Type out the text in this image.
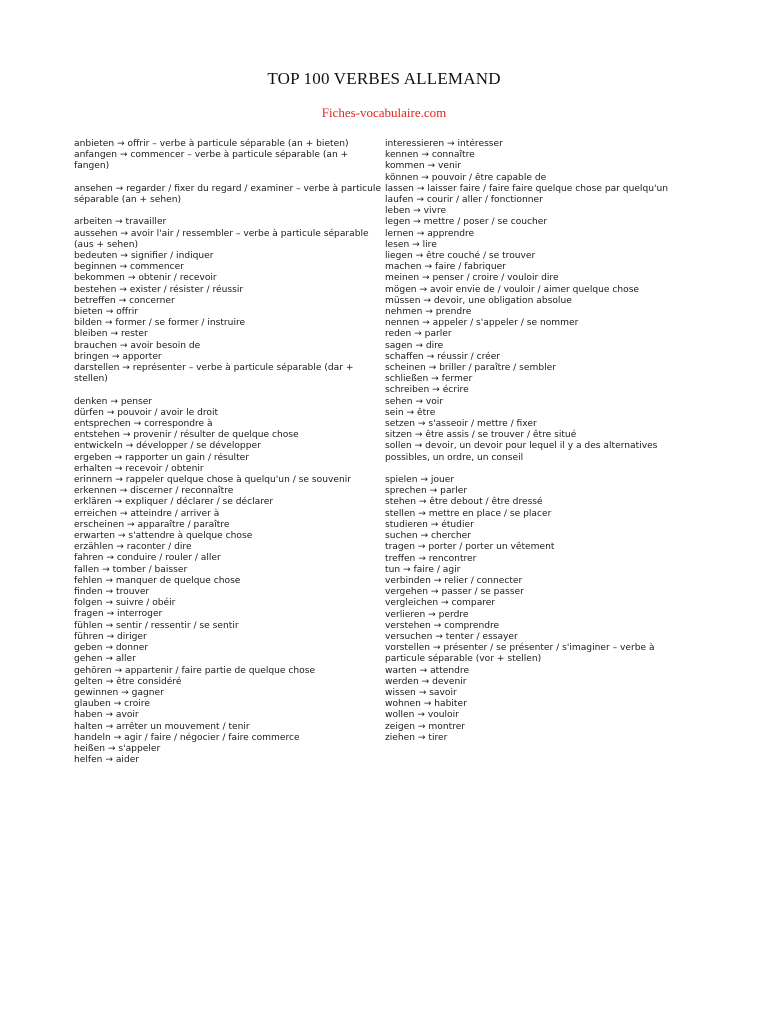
TOP 100 VERBES ALLEMAND
Fiches-vocabulaire.com
anbieten → offrir – verbe à particule séparable (an + bieten)
anfangen → commencer – verbe à particule séparable (an + fangen)
ansehen → regarder / fixer du regard / examiner – verbe à particule séparable (an + sehen)
arbeiten → travailler
aussehen → avoir l'air / ressembler – verbe à particule séparable (aus + sehen)
bedeuten → signifier / indiquer
beginnen → commencer
bekommen → obtenir / recevoir
bestehen → exister / résister / réussir
betreffen → concerner
bieten → offrir
bilden → former / se former / instruire
bleiben → rester
brauchen → avoir besoin de
bringen → apporter
darstellen → représenter – verbe à particule séparable (dar + stellen)
denken → penser
dürfen → pouvoir / avoir le droit
entsprechen → correspondre à
entstehen → provenir / résulter de quelque chose
entwickeln → développer / se développer
ergeben → rapporter un gain / résulter
erhalten → recevoir / obtenir
erinnern → rappeler quelque chose à quelqu'un / se souvenir
erkennen → discerner / reconnaître
erklären → expliquer / déclarer / se déclarer
erreichen → atteindre / arriver à
erscheinen → apparaître / paraître
erwarten → s'attendre à quelque chose
erzählen → raconter / dire
fahren → conduire / rouler / aller
fallen → tomber / baisser
fehlen → manquer de quelque chose
finden → trouver
folgen → suivre / obéir
fragen → interroger
fühlen → sentir / ressentir / se sentir
führen → diriger
geben → donner
gehen → aller
gehören → appartenir / faire partie de quelque chose
gelten → être considéré
gewinnen → gagner
glauben → croire
haben → avoir
halten → arrêter un mouvement / tenir
handeln → agir / faire / négocier / faire commerce
heißen → s'appeler
helfen → aider
interessieren → intéresser
kennen → connaître
kommen → venir
können → pouvoir / être capable de
lassen → laisser faire / faire faire quelque chose par quelqu'un
laufen → courir / aller / fonctionner
leben → vivre
legen → mettre / poser / se coucher
lernen → apprendre
lesen → lire
liegen → être couché / se trouver
machen → faire / fabriquer
meinen → penser / croire / vouloir dire
mögen → avoir envie de / vouloir / aimer quelque chose
müssen → devoir, une obligation absolue
nehmen → prendre
nennen → appeler / s'appeler / se nommer
reden → parler
sagen → dire
schaffen → réussir / créer
scheinen → briller / paraître / sembler
schließen → fermer
schreiben → écrire
sehen → voir
sein → être
setzen → s'asseoir / mettre / fixer
sitzen → être assis / se trouver / être situé
sollen → devoir, un devoir pour lequel il y a des alternatives possibles, un ordre, un conseil
spielen → jouer
sprechen → parler
stehen → être debout / être dressé
stellen → mettre en place / se placer
studieren → étudier
suchen → chercher
tragen → porter / porter un vêtement
treffen → rencontrer
tun → faire / agir
verbinden → relier / connecter
vergehen → passer / se passer
vergleichen → comparer
verlieren → perdre
verstehen → comprendre
versuchen → tenter / essayer
vorstellen → présenter / se présenter / s'imaginer – verbe à particule séparable (vor + stellen)
warten → attendre
werden → devenir
wissen → savoir
wohnen → habiter
wollen → vouloir
zeigen → montrer
ziehen → tirer
